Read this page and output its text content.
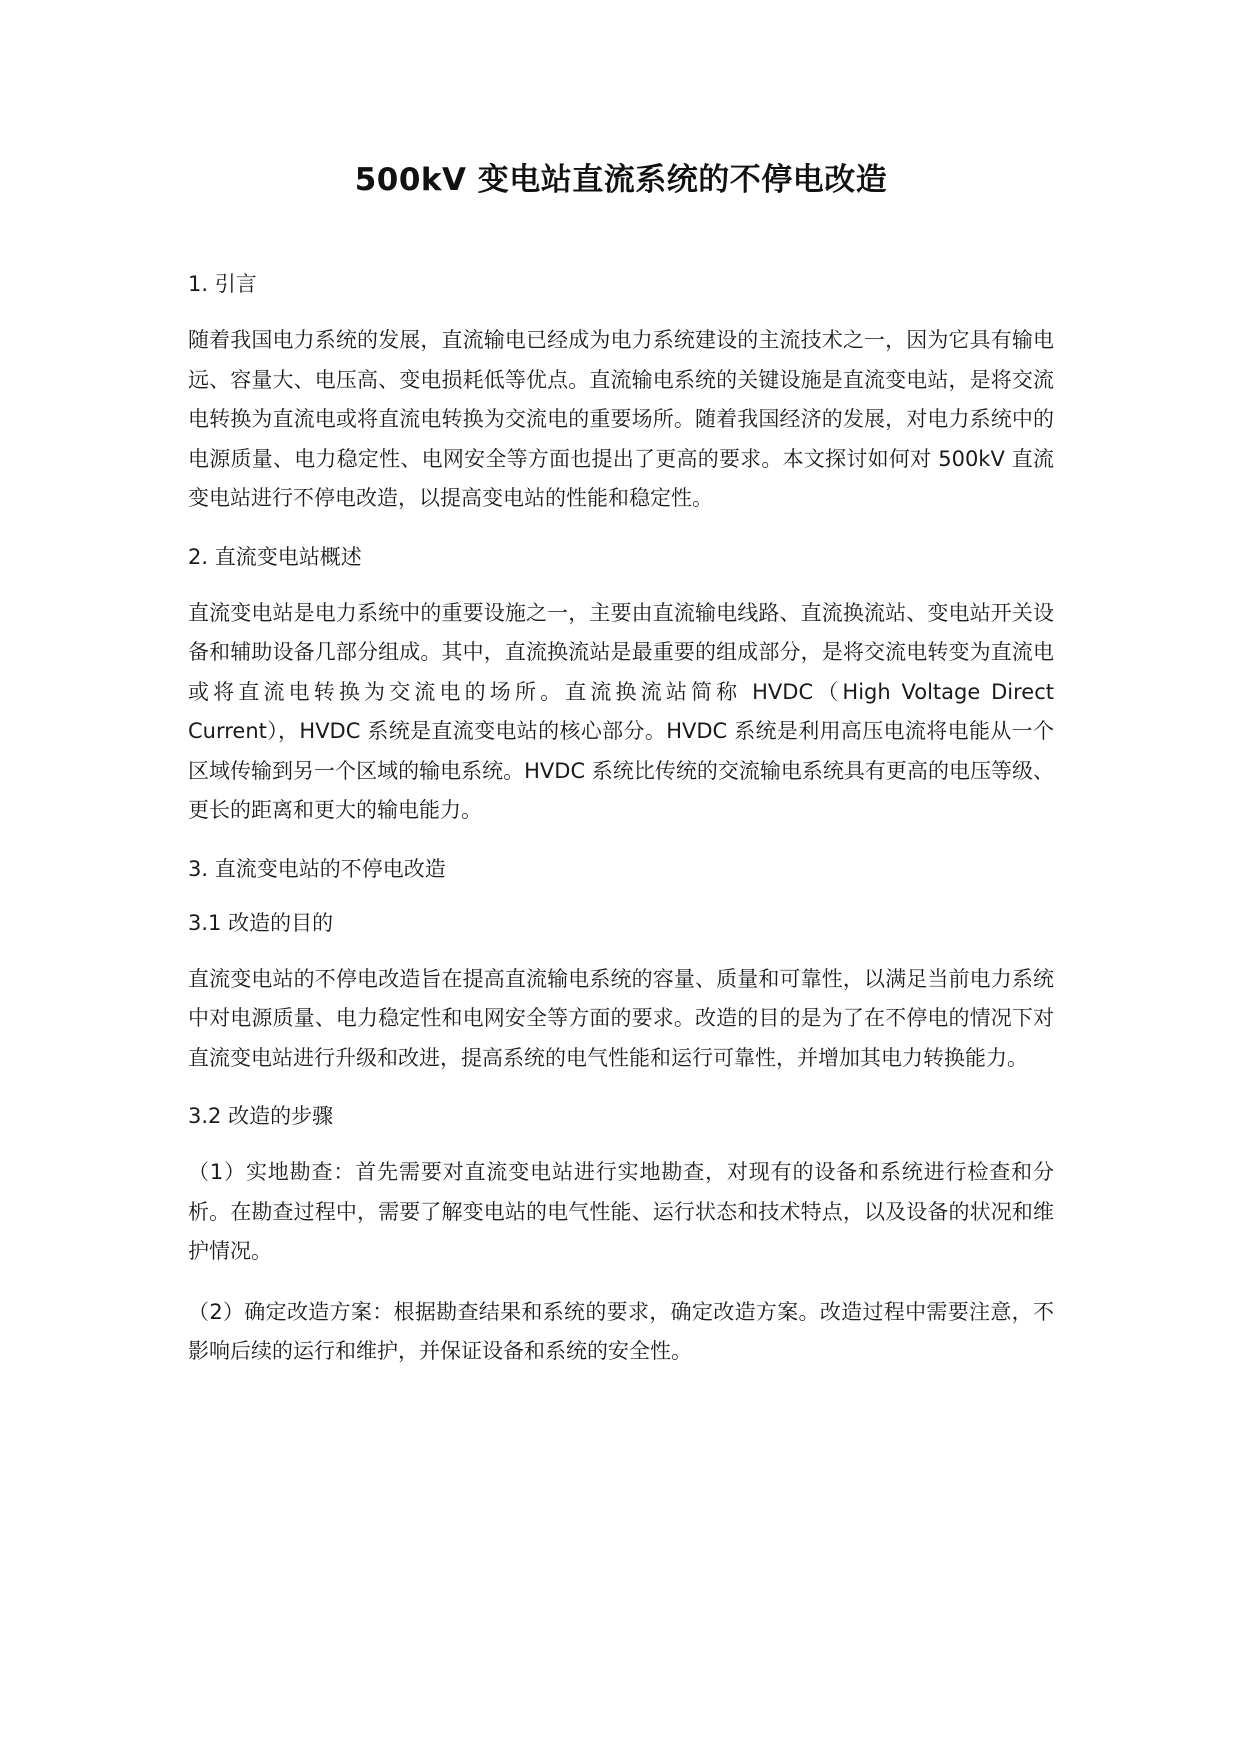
500kV 变电站直流系统的不停电改造

1. 引言

随着我国电力系统的发展，直流输电已经成为电力系统建设的主流技术之一，因为它具有输电远、容量大、电压高、变电损耗低等优点。直流输电系统的关键设施是直流变电站，是将交流电转换为直流电或将直流电转换为交流电的重要场所。随着我国经济的发展，对电力系统中的电源质量、电力稳定性、电网安全等方面也提出了更高的要求。本文探讨如何对 500kV 直流变电站进行不停电改造，以提高变电站的性能和稳定性。

2. 直流变电站概述

直流变电站是电力系统中的重要设施之一，主要由直流输电线路、直流换流站、变电站开关设备和辅助设备几部分组成。其中，直流换流站是最重要的组成部分，是将交流电转变为直流电或将直流电转换为交流电的场所。直流换流站简称 HVDC（High Voltage Direct Current），HVDC 系统是直流变电站的核心部分。HVDC 系统是利用高压电流将电能从一个区域传输到另一个区域的输电系统。HVDC 系统比传统的交流输电系统具有更高的电压等级、更长的距离和更大的输电能力。

3. 直流变电站的不停电改造

3.1 改造的目的

直流变电站的不停电改造旨在提高直流输电系统的容量、质量和可靠性，以满足当前电力系统中对电源质量、电力稳定性和电网安全等方面的要求。改造的目的是为了在不停电的情况下对直流变电站进行升级和改进，提高系统的电气性能和运行可靠性，并增加其电力转换能力。

3.2 改造的步骤

（1）实地勘查：首先需要对直流变电站进行实地勘查，对现有的设备和系统进行检查和分析。在勘查过程中，需要了解变电站的电气性能、运行状态和技术特点，以及设备的状况和维护情况。

（2）确定改造方案：根据勘查结果和系统的要求，确定改造方案。改造过程中需要注意，不影响后续的运行和维护，并保证设备和系统的安全性。
